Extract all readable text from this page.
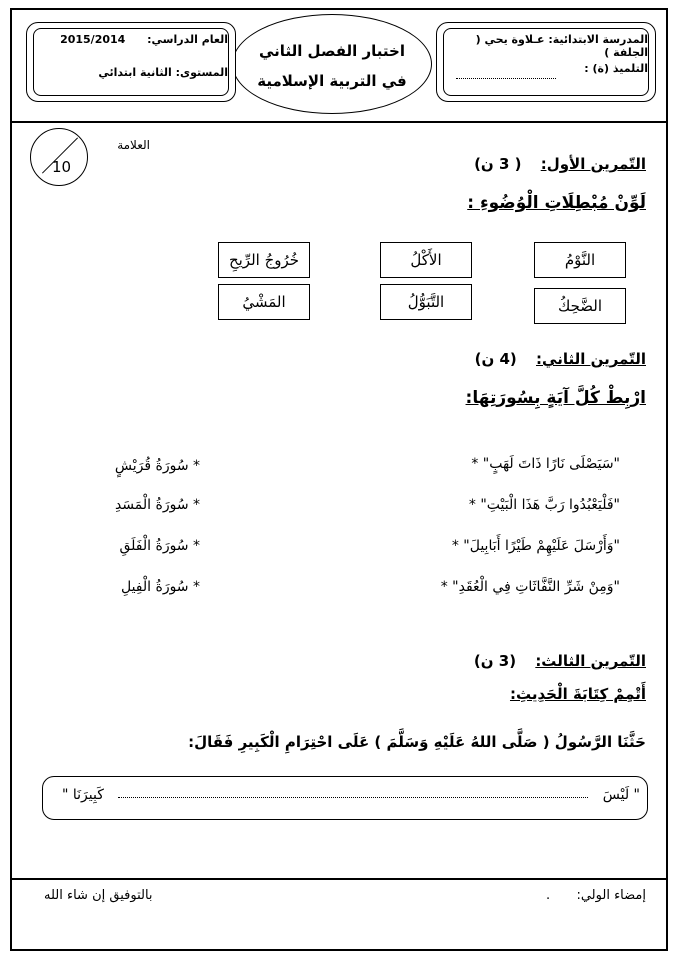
المدرسة الابتدائية: عـلاوة يحي ( الجلفة )
التلميذ (ة) :
اختبار الفصل الثاني
في التربية الإسلامية
العام الدراسي: 2015/2014
المستوى: الثانية ابتدائي
10
العلامة
التّمرين الأول: ( 3 ن)
لَوِّنْ مُبْطِلَاتِ الْوُضُوءِ :
النَّوْمُ
الأَكْلُ
خُرُوجُ الرِّيحِ
الضَّحِكُ
التَّبَوُّلُ
المَشْيُ
التّمرين الثاني: (4 ن)
ارْبِطْ كُلَّ آيَةٍ بِسُورَتِهَا:
"سَيَصْلَى نَارًا ذَاتَ لَهَبٍ" *
"فَلْيَعْبُدُوا رَبَّ هَذَا الْبَيْتِ" *
"وَأَرْسَلَ عَلَيْهِمْ طَيْرًا أَبَابِيلَ" *
"وَمِنْ شَرِّ النَّفَّاثَاتِ فِي الْعُقَدِ" *
* سُورَةُ قُرَيْشٍ
* سُورَةُ الْمَسَدِ
* سُورَةُ الْفَلَقِ
* سُورَةُ الْفِيلِ
التّمرين الثالث: (3 ن)
أَتْمِمْ كِتَابَةَ الْحَدِيثِ:
حَثَّنَا الرَّسُولُ ( صَلَّى اللهُ عَلَيْهِ وَسَلَّمَ ) عَلَى احْتِرَامِ الْكَبِيرِ فَقَالَ:
" لَيْسَ
كَبِيرَنَا "
إمضاء الولي:
.
بالتوفيق إن شاء الله
